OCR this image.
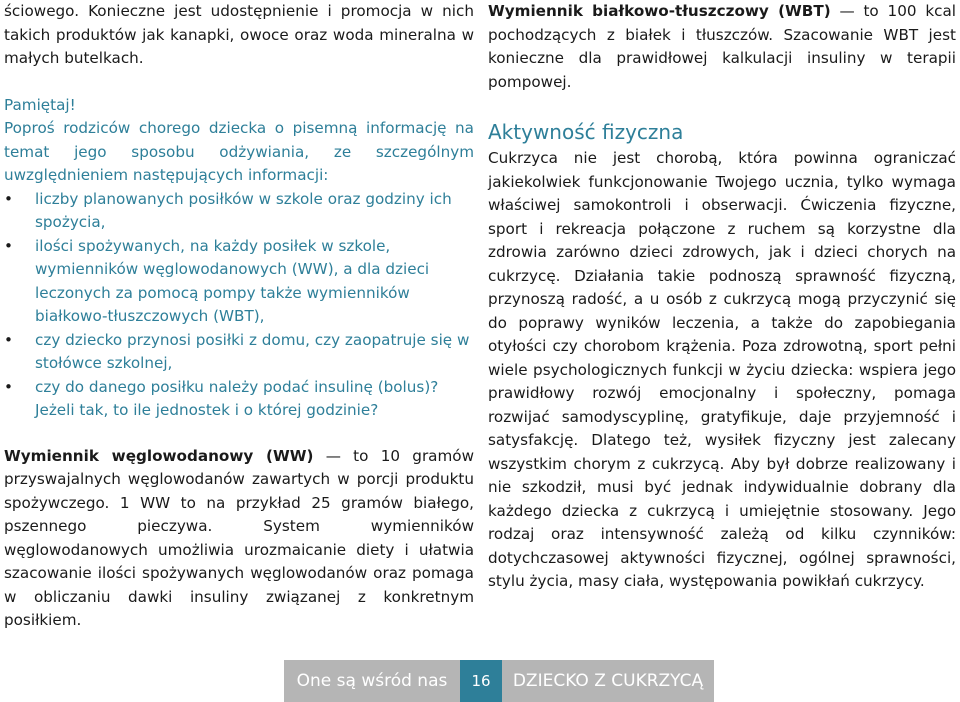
ściowego. Konieczne jest udostępnienie i promocja w nich takich produktów jak kanapki, owoce oraz woda mineralna w małych butelkach.

Pamiętaj!

Poproś rodziców chorego dziecka o pisemną informację na temat jego sposobu odżywiania, ze szczególnym uwzględnieniem następujących informacji:

• liczby planowanych posiłków w szkole oraz godziny ich spożycia,
• ilości spożywanych, na każdy posiłek w szkole, wymienników węglowodanowych (WW), a dla dzieci leczonych za pomocą pompy także wymienników białkowo-tłuszczowych (WBT),
• czy dziecko przynosi posiłki z domu, czy zaopatruje się w stołówce szkolnej,
• czy do danego posiłku należy podać insulinę (bolus)? Jeżeli tak, to ile jednostek i o której godzinie?

Wymiennik węglowodanowy (WW) — to 10 gramów przyswajalnych węglowodanów zawartych w porcji produktu spożywczego. 1 WW to na przykład 25 gramów białego, pszennego pieczywa. System wymienników węglowodanowych umożliwia urozmaicanie diety i ułatwia szacowanie ilości spożywanych węglowodanów oraz pomaga w obliczaniu dawki insuliny związanej z konkretnym posiłkiem.

Wymiennik białkowo-tłuszczowy (WBT) — to 100 kcal pochodzących z białek i tłuszczów. Szacowanie WBT jest konieczne dla prawidłowej kalkulacji insuliny w terapii pompowej.

Aktywność fizyczna

Cukrzyca nie jest chorobą, która powinna ograniczać jakiekolwiek funkcjonowanie Twojego ucznia, tylko wymaga właściwej samokontroli i obserwacji. Ćwiczenia fizyczne, sport i rekreacja połączone z ruchem są korzystne dla zdrowia zarówno dzieci zdrowych, jak i dzieci chorych na cukrzycę. Działania takie podnoszą sprawność fizyczną, przynoszą radość, a u osób z cukrzycą mogą przyczynić się do poprawy wyników leczenia, a także do zapobiegania otyłości czy chorobom krążenia. Poza zdrowotną, sport pełni wiele psychologicznych funkcji w życiu dziecka: wspiera jego prawidłowy rozwój emocjonalny i społeczny, pomaga rozwijać samodyscyplinę, gratyfikuje, daje przyjemność i satysfakcję. Dlatego też, wysiłek fizyczny jest zalecany wszystkim chorym z cukrzycą. Aby był dobrze realizowany i nie szkodził, musi być jednak indywidualnie dobrany dla każdego dziecka z cukrzycą i umiejętnie stosowany. Jego rodzaj oraz intensywność zależą od kilku czynników: dotychczasowej aktywności fizycznej, ogólnej sprawności, stylu życia, masy ciała, występowania powikłań cukrzycy.

One są wśród nas	16	DZIECKO Z CUKRZYCĄ
